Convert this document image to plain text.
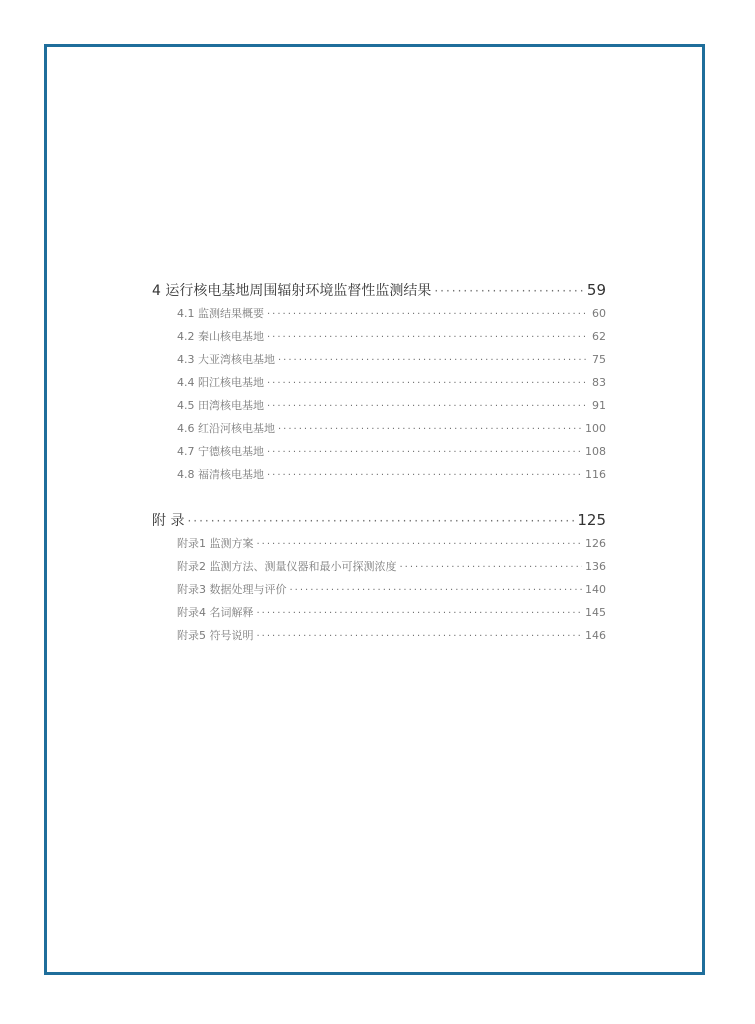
4 运行核电基地周围辐射环境监督性监测结果 ·····	59
4.1 监测结果概要 ·····	60
4.2 秦山核电基地 ·····	62
4.3 大亚湾核电基地 ·····	75
4.4 阳江核电基地 ·····	83
4.5 田湾核电基地 ·····	91
4.6 红沿河核电基地 ·····	100
4.7 宁德核电基地 ·····	108
4.8 福清核电基地 ·····	116
附 录 ·····	125
附录1 监测方案 ·····	126
附录2 监测方法、测量仪器和最小可探测浓度 ·····	136
附录3 数据处理与评价 ·····	140
附录4 名词解释 ·····	145
附录5 符号说明 ·····	146
